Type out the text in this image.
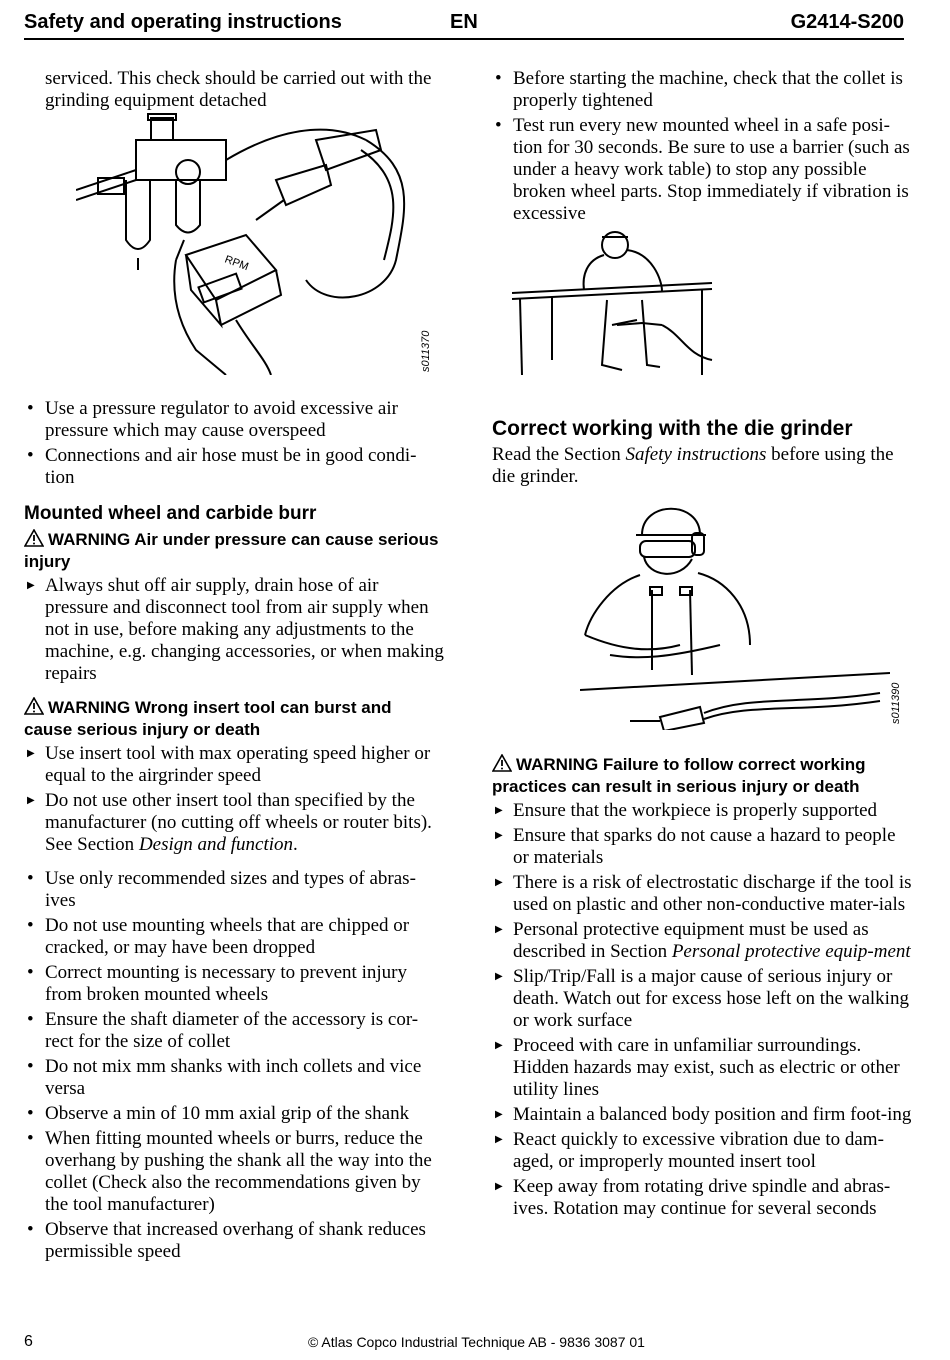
Safety and operating instructions	EN	G2414-S200

serviced. This check should be carried out with the grinding equipment detached

RPM
s011370
• Use a pressure regulator to avoid excessive air pressure which may cause overspeed
• Connections and air hose must be in good condi-tion
Mounted wheel and carbide burr
WARNING Air under pressure can cause serious injury
▶ Always shut off air supply, drain hose of air pressure and disconnect tool from air supply when not in use, before making any adjustments to the machine, e.g. changing accessories, or when making repairs
WARNING Wrong insert tool can burst and cause serious injury or death
▶ Use insert tool with max operating speed higher or equal to the airgrinder speed
▶ Do not use other insert tool than specified by the manufacturer (no cutting off wheels or router bits). See Section Design and function.
• Use only recommended sizes and types of abras-ives
• Do not use mounting wheels that are chipped or cracked, or may have been dropped
• Correct mounting is necessary to prevent injury from broken mounted wheels
• Ensure the shaft diameter of the accessory is cor-rect for the size of collet
• Do not mix mm shanks with inch collets and vice versa
• Observe a min of 10 mm axial grip of the shank
• When fitting mounted wheels or burrs, reduce the overhang by pushing the shank all the way into the collet (Check also the recommendations given by the tool manufacturer)
• Observe that increased overhang of shank reduces permissible speed
• Before starting the machine, check that the collet is properly tightened
• Test run every new mounted wheel in a safe posi-tion for 30 seconds. Be sure to use a barrier (such as under a heavy work table) to stop any possible broken wheel parts. Stop immediately if vibration is excessive
Correct working with the die grinder

Read the Section Safety instructions before using the die grinder.

s011390
WARNING Failure to follow correct working practices can result in serious injury or death
▶ Ensure that the workpiece is properly supported
▶ Ensure that sparks do not cause a hazard to people or materials
▶ There is a risk of electrostatic discharge if the tool is used on plastic and other non-conductive mater-ials
▶ Personal protective equipment must be used as described in Section Personal protective equip-ment
▶ Slip/Trip/Fall is a major cause of serious injury or death. Watch out for excess hose left on the walking or work surface
▶ Proceed with care in unfamiliar surroundings. Hidden hazards may exist, such as electric or other utility lines
▶ Maintain a balanced body position and firm foot-ing
▶ React quickly to excessive vibration due to dam-aged, or improperly mounted insert tool
▶ Keep away from rotating drive spindle and abras-ives. Rotation may continue for several seconds
6	© Atlas Copco Industrial Technique AB - 9836 3087 01
